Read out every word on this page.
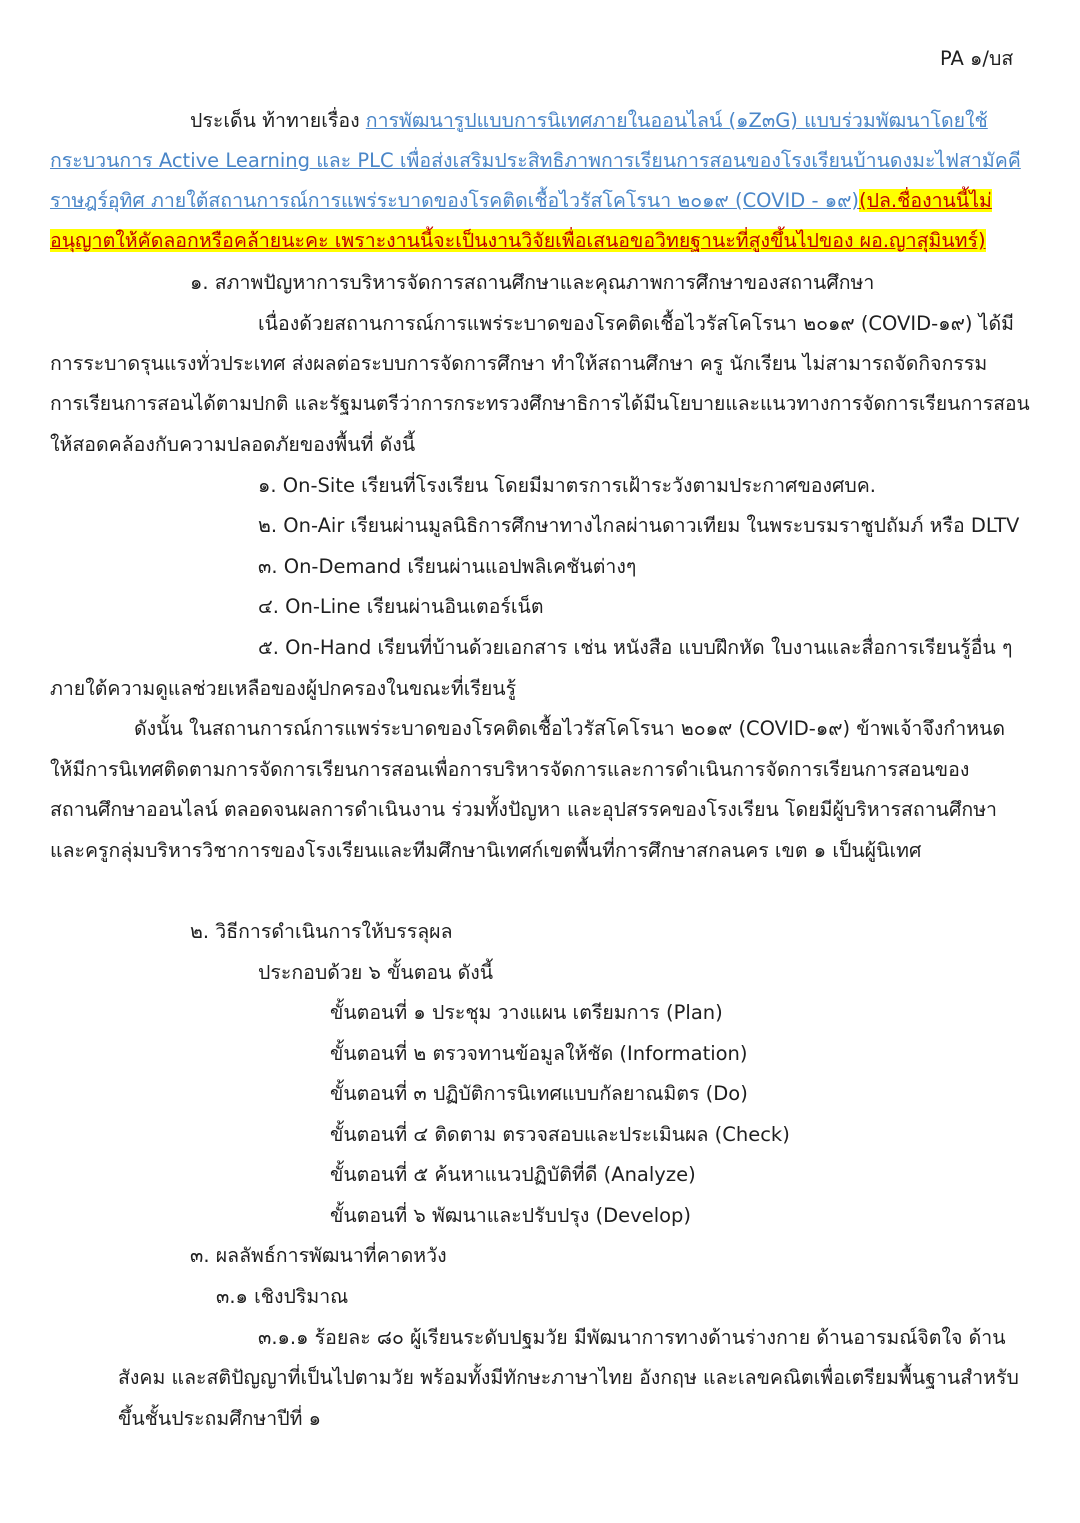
PA ๑/บส
ประเด็น ท้าทายเรื่อง การพัฒนารูปแบบการนิเทศภายในออนไลน์ (๑Z๓G) แบบร่วมพัฒนาโดยใช้
กระบวนการ Active Learning และ PLC เพื่อส่งเสริมประสิทธิภาพการเรียนการสอนของโรงเรียนบ้านดงมะไฟสามัคคี
ราษฎร์อุทิศ ภายใต้สถานการณ์การแพร่ระบาดของโรคติดเชื้อไวรัสโคโรนา ๒๐๑๙ (COVID - ๑๙)(ปล.ชื่องานนี้ไม่
อนุญาตให้คัดลอกหรือคล้ายนะคะ เพราะงานนี้จะเป็นงานวิจัยเพื่อเสนอขอวิทยฐานะที่สูงขึ้นไปของ ผอ.ญาสุมินทร์)
๑. สภาพปัญหาการบริหารจัดการสถานศึกษาและคุณภาพการศึกษาของสถานศึกษา
เนื่องด้วยสถานการณ์การแพร่ระบาดของโรคติดเชื้อไวรัสโคโรนา ๒๐๑๙ (COVID-๑๙) ได้มี
การระบาดรุนแรงทั่วประเทศ ส่งผลต่อระบบการจัดการศึกษา ทำให้สถานศึกษา ครู นักเรียน ไม่สามารถจัดกิจกรรม
การเรียนการสอนได้ตามปกติ และรัฐมนตรีว่าการกระทรวงศึกษาธิการได้มีนโยบายและแนวทางการจัดการเรียนการสอน
ให้สอดคล้องกับความปลอดภัยของพื้นที่ ดังนี้
๑. On-Site เรียนที่โรงเรียน โดยมีมาตรการเฝ้าระวังตามประกาศของศบค.
๒. On-Air เรียนผ่านมูลนิธิการศึกษาทางไกลผ่านดาวเทียม ในพระบรมราชูปถัมภ์ หรือ DLTV
๓. On-Demand เรียนผ่านแอปพลิเคชันต่างๆ
๔. On-Line เรียนผ่านอินเตอร์เน็ต
๕. On-Hand เรียนที่บ้านด้วยเอกสาร เช่น หนังสือ แบบฝึกหัด ใบงานและสื่อการเรียนรู้อื่น ๆ
ภายใต้ความดูแลช่วยเหลือของผู้ปกครองในขณะที่เรียนรู้
ดังนั้น ในสถานการณ์การแพร่ระบาดของโรคติดเชื้อไวรัสโคโรนา ๒๐๑๙ (COVID-๑๙) ข้าพเจ้าจึงกำหนด
ให้มีการนิเทศติดตามการจัดการเรียนการสอนเพื่อการบริหารจัดการและการดำเนินการจัดการเรียนการสอนของ
สถานศึกษาออนไลน์ ตลอดจนผลการดำเนินงาน ร่วมทั้งปัญหา และอุปสรรคของโรงเรียน โดยมีผู้บริหารสถานศึกษา
และครูกลุ่มบริหารวิชาการของโรงเรียนและทีมศึกษานิเทศก์เขตพื้นที่การศึกษาสกลนคร เขต ๑ เป็นผู้นิเทศ
๒. วิธีการดำเนินการให้บรรลุผล
ประกอบด้วย ๖ ขั้นตอน ดังนี้
ขั้นตอนที่ ๑ ประชุม วางแผน เตรียมการ (Plan)
ขั้นตอนที่ ๒ ตรวจทานข้อมูลให้ชัด (Information)
ขั้นตอนที่ ๓ ปฏิบัติการนิเทศแบบกัลยาณมิตร (Do)
ขั้นตอนที่ ๔ ติดตาม ตรวจสอบและประเมินผล (Check)
ขั้นตอนที่ ๕ ค้นหาแนวปฏิบัติที่ดี (Analyze)
ขั้นตอนที่ ๖ พัฒนาและปรับปรุง (Develop)
๓. ผลลัพธ์การพัฒนาที่คาดหวัง
๓.๑ เชิงปริมาณ
๓.๑.๑ ร้อยละ ๘๐ ผู้เรียนระดับปฐมวัย มีพัฒนาการทางด้านร่างกาย ด้านอารมณ์จิตใจ ด้าน
สังคม และสติปัญญาที่เป็นไปตามวัย พร้อมทั้งมีทักษะภาษาไทย อังกฤษ และเลขคณิตเพื่อเตรียมพื้นฐานสำหรับ
ขึ้นชั้นประถมศึกษาปีที่ ๑
